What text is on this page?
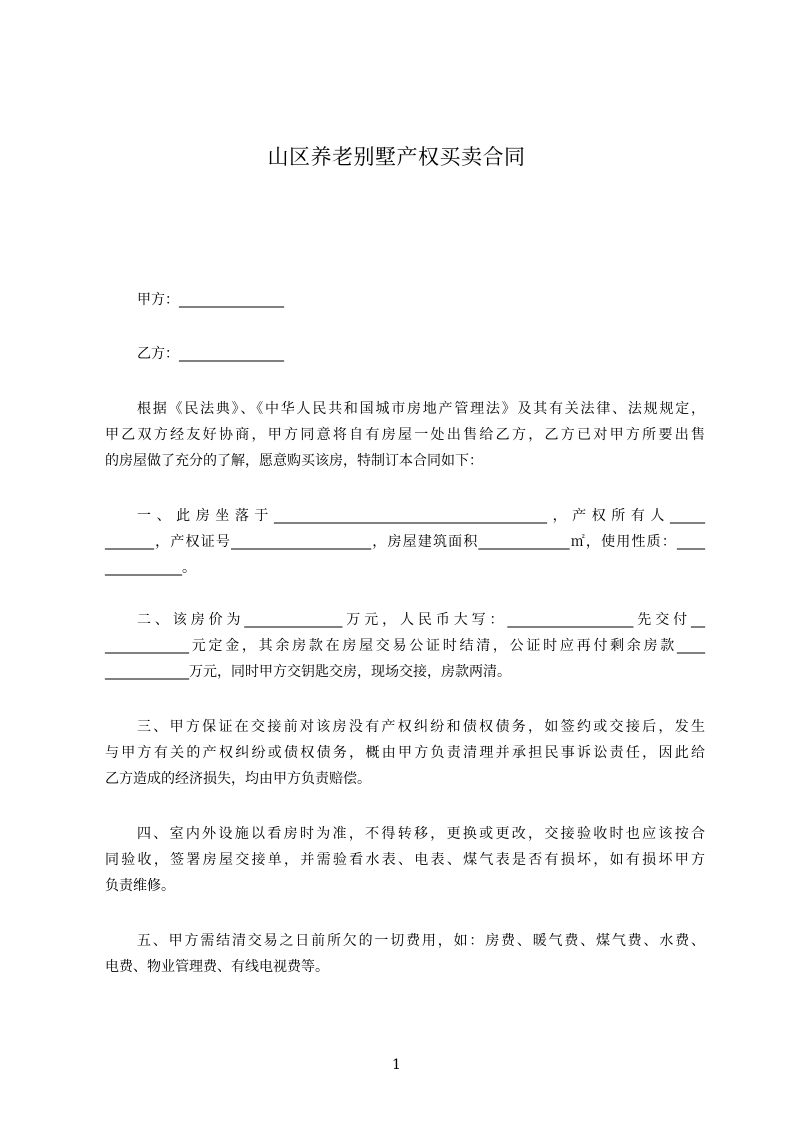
山区养老别墅产权买卖合同
甲方：_______________
乙方：_______________
根据《民法典》、《中华人民共和国城市房地产管理法》及其有关法律、法规规定，
甲乙双方经友好协商，甲方同意将自有房屋一处出售给乙方，乙方已对甲方所要出售
的房屋做了充分的了解，愿意购买该房，特制订本合同如下：
一、此房坐落于_______________________________________，产权所有人_____
_______，产权证号____________________，房屋建筑面积_____________㎡，使用性质：____
___________。
二、该房价为______________万元，人民币大写：__________________先交付__
____________元定金，其余房款在房屋交易公证时结清，公证时应再付剩余房款____
____________万元，同时甲方交钥匙交房，现场交接，房款两清。
三、甲方保证在交接前对该房没有产权纠纷和债权债务，如签约或交接后，发生
与甲方有关的产权纠纷或债权债务，概由甲方负责清理并承担民事诉讼责任，因此给
乙方造成的经济损失，均由甲方负责赔偿。
四、室内外设施以看房时为准，不得转移，更换或更改，交接验收时也应该按合
同验收，签署房屋交接单，并需验看水表、电表、煤气表是否有损坏，如有损坏甲方
负责维修。
五、甲方需结清交易之日前所欠的一切费用，如：房费、暖气费、煤气费、水费、
电费、物业管理费、有线电视费等。
1
